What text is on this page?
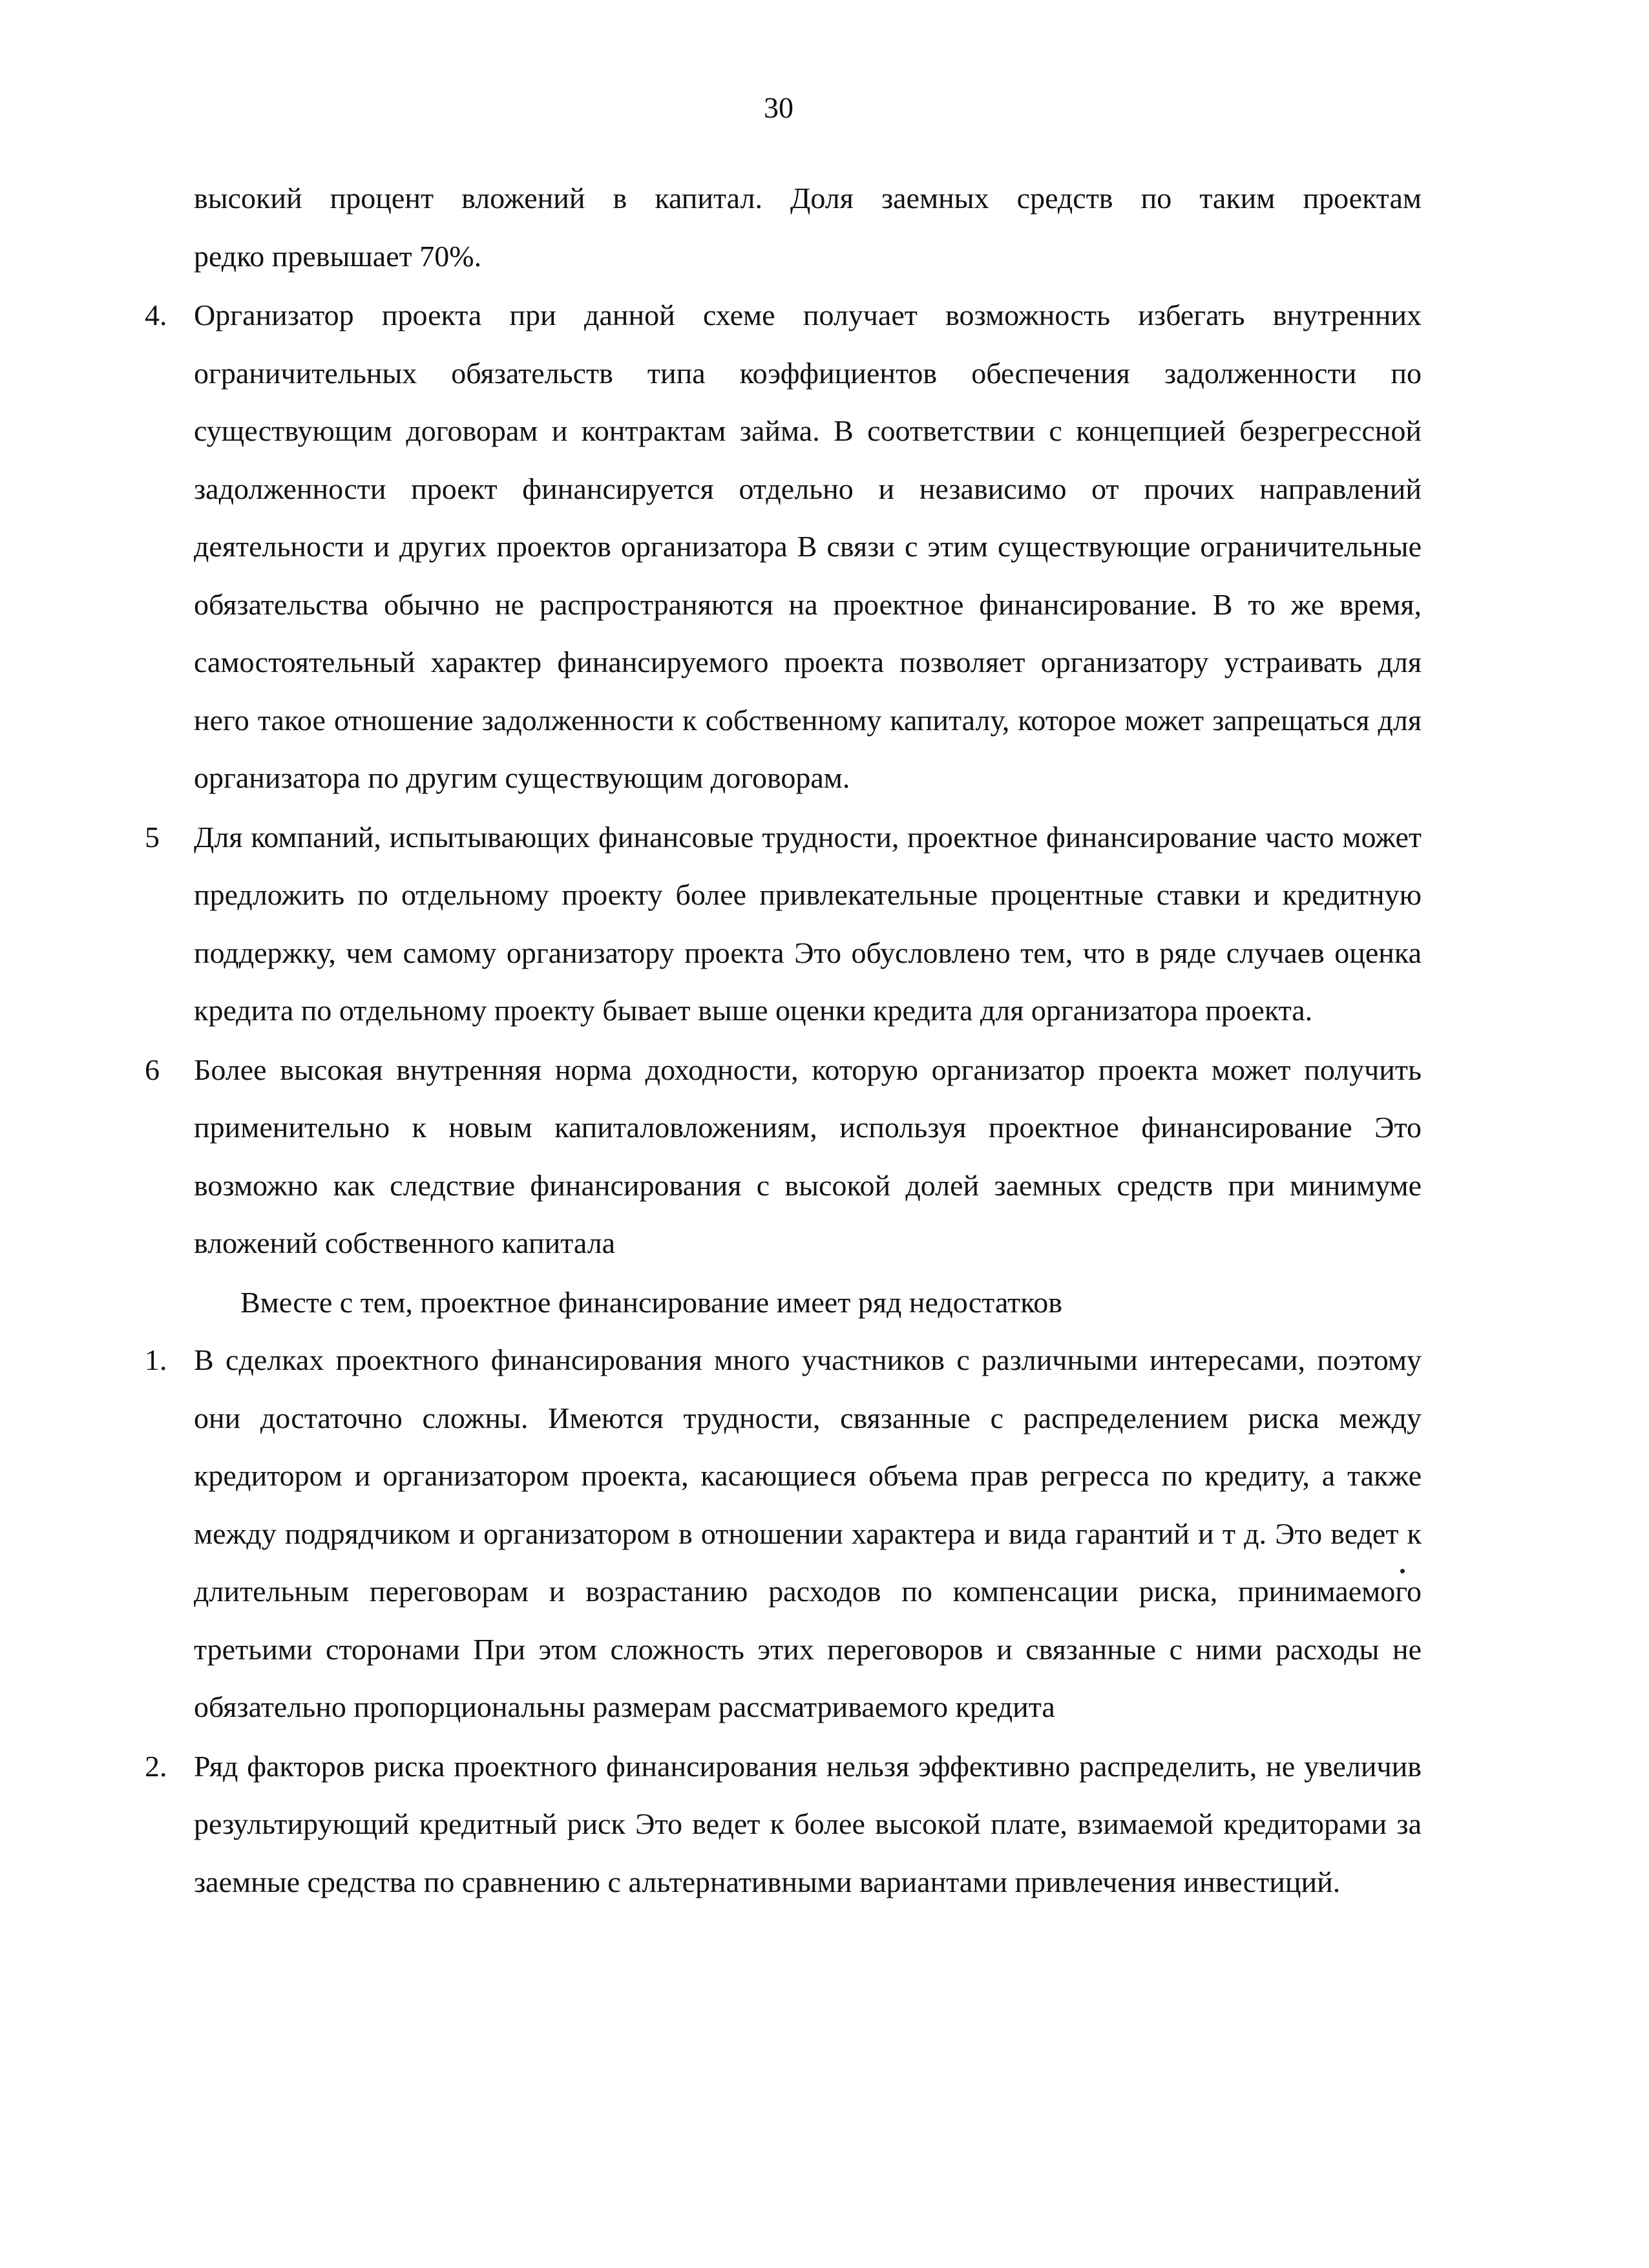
30

высокий процент вложений в капитал. Доля заемных средств по таким проектам

редко превышает 70%.

4. Организатор проекта при данной схеме получает возможность избегать внутренних ограничительных обязательств типа коэффициентов обеспечения задолженности по существующим договорам и контрактам займа. В соответствии с концепцией безрегрессной задолженности проект финансируется отдельно и независимо от прочих направлений деятельности и других проектов организатора В связи с этим существующие ограничительные обязательства обычно не распространяются на проектное финансирование. В то же время, самостоятельный характер финансируемого проекта позволяет организатору устраивать для него такое отношение задолженности к собственному капиталу, которое может запрещаться для организатора по другим существующим договорам.

5	Для компаний, испытывающих финансовые трудности, проектное финансирование часто может предложить по отдельному проекту более привлекательные процентные ставки и кредитную поддержку, чем самому организатору проекта Это обусловлено тем, что в ряде случаев оценка кредита по отдельному проекту бывает выше оценки кредита для организатора проекта.

6	Более высокая внутренняя норма доходности, которую организатор проекта может получить применительно к новым капиталовложениям, используя проектное финансирование Это возможно как следствие финансирования с высокой долей заемных средств при минимуме вложений собственного капитала

Вместе с тем, проектное финансирование имеет ряд недостатков

1. В сделках проектного финансирования много участников с различными интересами, поэтому они достаточно сложны. Имеются трудности, связанные с распределением риска между кредитором и организатором проекта, касающиеся объема прав регресса по кредиту, а также между подрядчиком и организатором в отношении характера и вида гарантий и т д. Это ведет к длительным переговорам и возрастанию расходов по компенсации риска, принимаемого третьими сторонами При этом сложность этих переговоров и связанные с ними расходы не обязательно пропорциональны размерам рассматриваемого кредита

2. Ряд факторов риска проектного финансирования нельзя эффективно распределить, не увеличив результирующий кредитный риск Это ведет к более высокой плате, взимаемой кредиторами за заемные средства по сравнению с альтернативными вариантами привлечения инвестиций.
